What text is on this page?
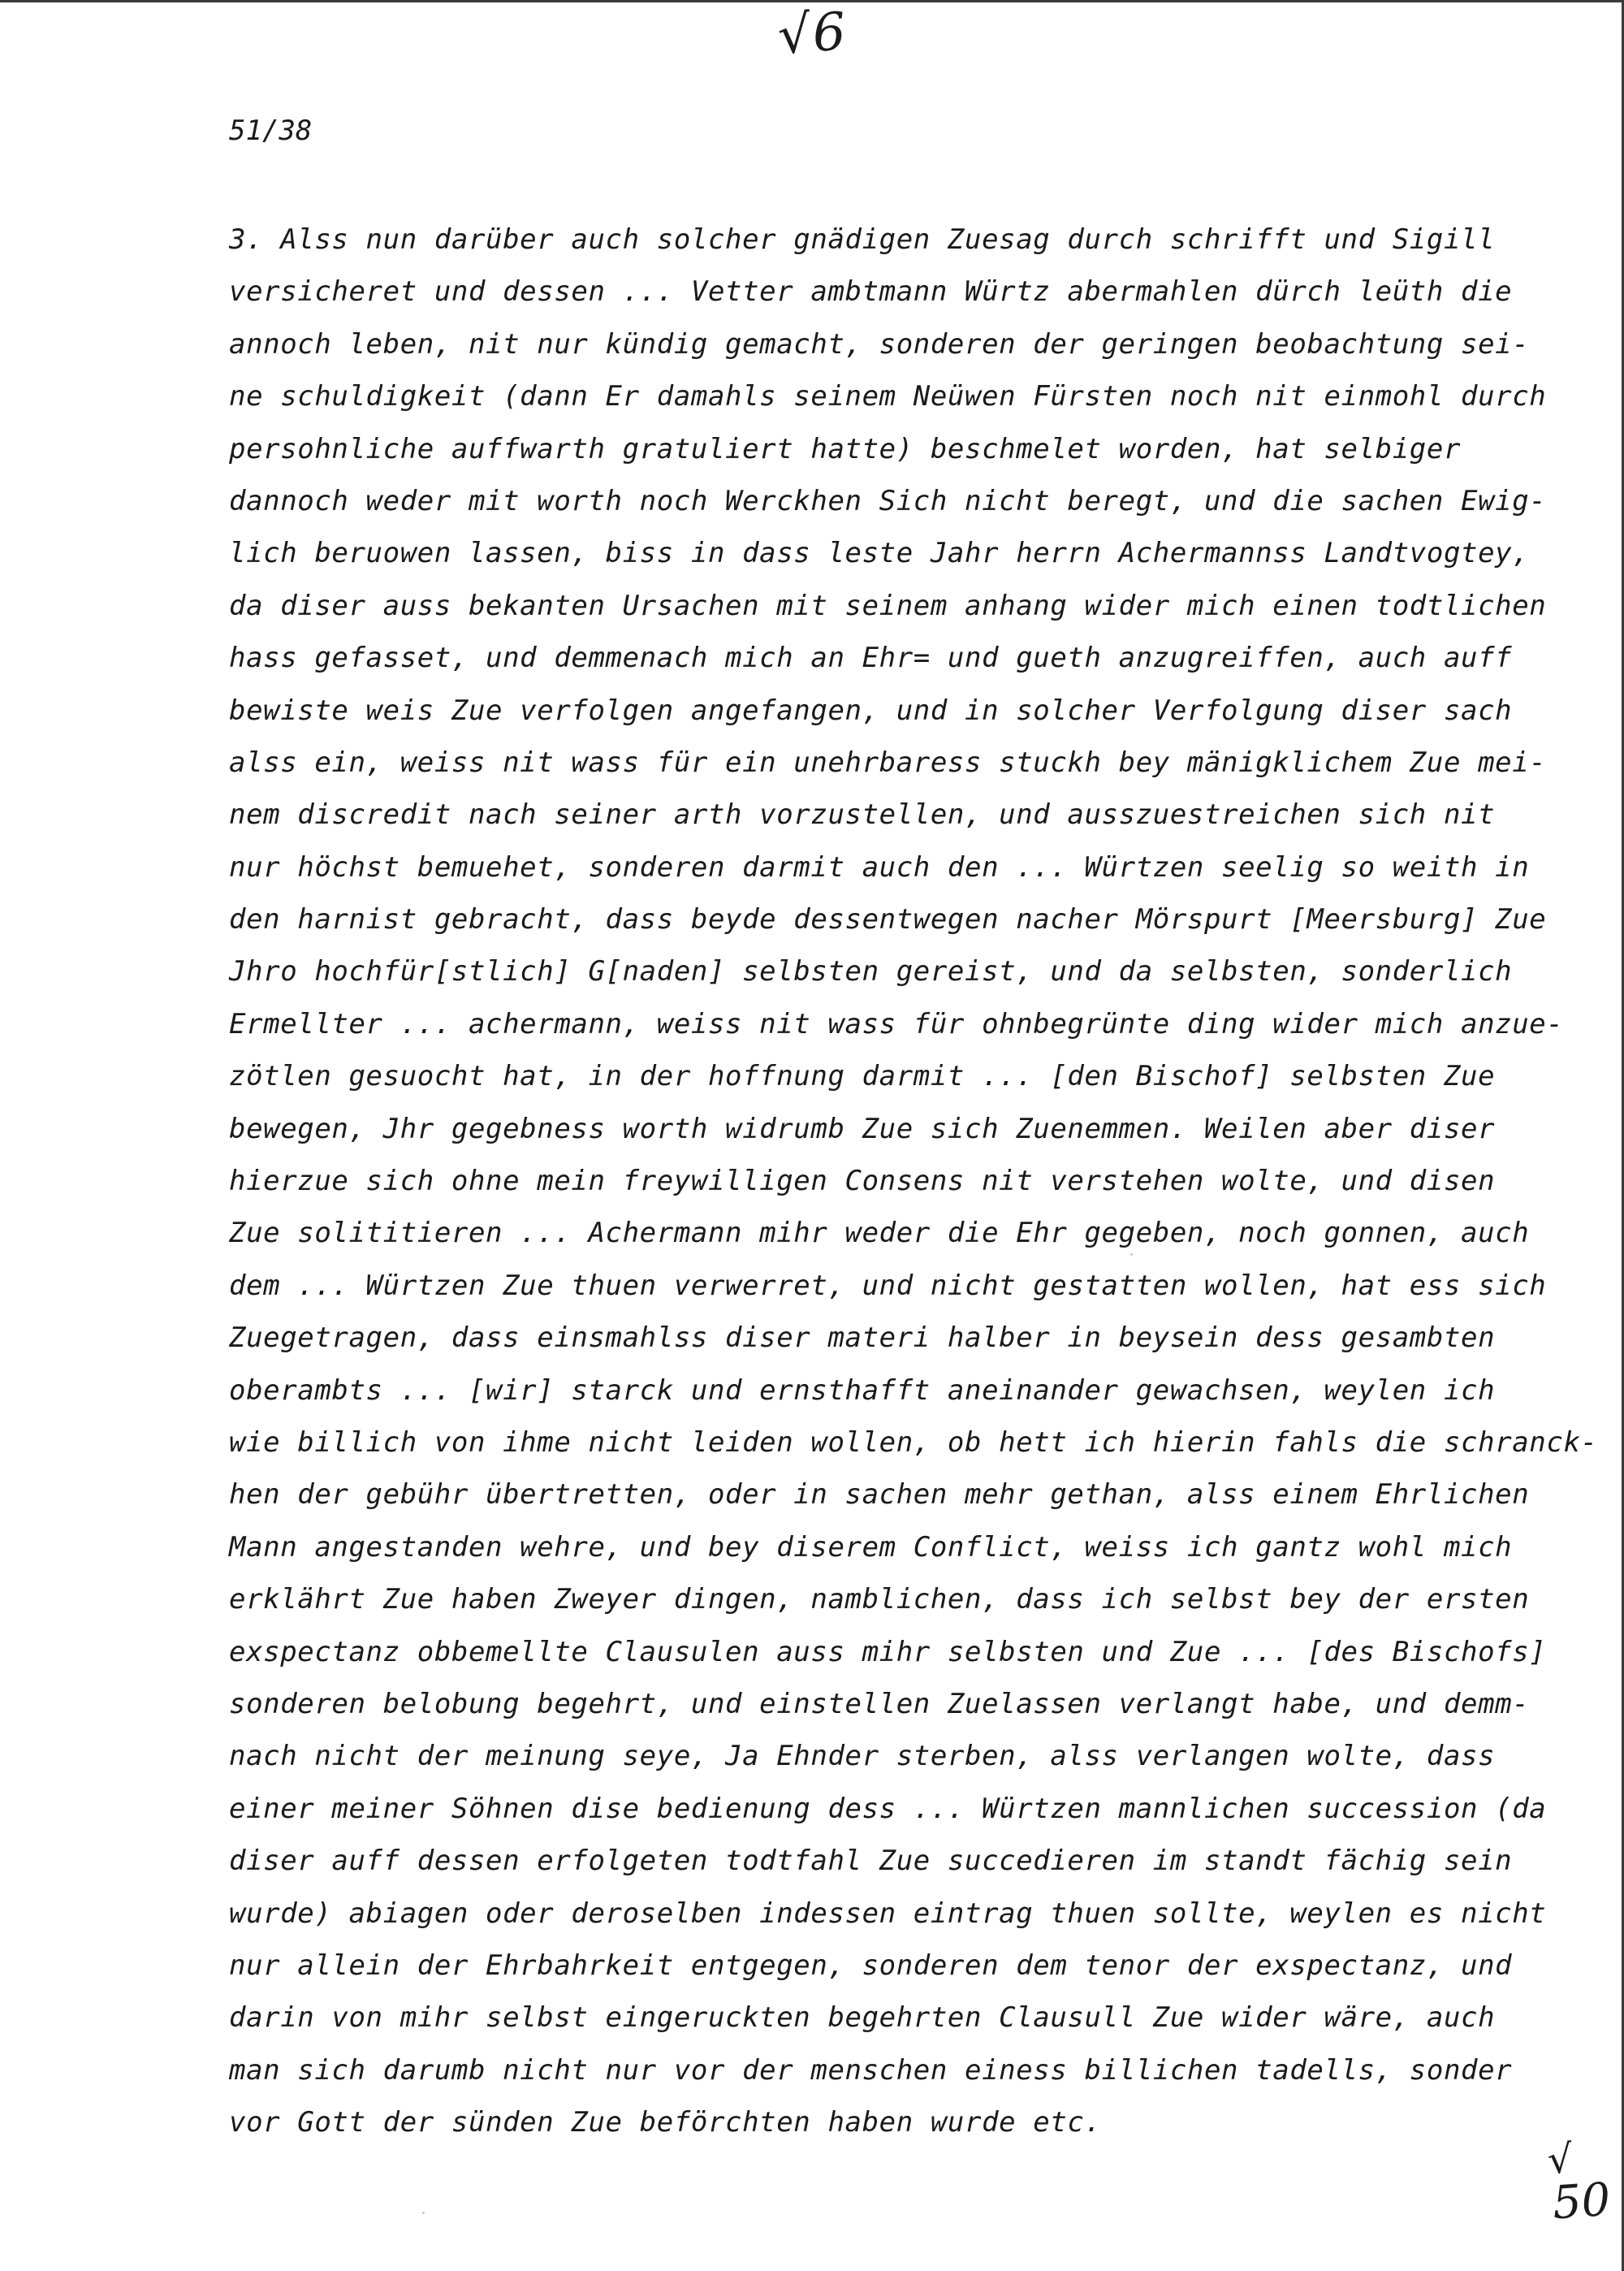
√6
51/38
3. Alss nun darüber auch solcher gnädigen Zuesag durch schrifft und Sigill
versicheret und dessen ... Vetter ambtmann Würtz abermahlen dürch leüth die
annoch leben, nit nur kündig gemacht, sonderen der geringen beobachtung sei-
ne schuldigkeit (dann Er damahls seinem Neüwen Fürsten noch nit einmohl durch
persohnliche auffwarth gratuliert hatte) beschmelet worden, hat selbiger
dannoch weder mit worth noch Werckhen Sich nicht beregt, und die sachen Ewig-
lich beruowen lassen, biss in dass leste Jahr herrn Achermannss Landtvogtey,
da diser auss bekanten Ursachen mit seinem anhang wider mich einen todtlichen
hass gefasset, und demmenach mich an Ehr= und gueth anzugreiffen, auch auff
bewiste weis Zue verfolgen angefangen, und in solcher Verfolgung diser sach
alss ein, weiss nit wass für ein unehrbaress stuckh bey mänigklichem Zue mei-
nem discredit nach seiner arth vorzustellen, und ausszuestreichen sich nit
nur höchst bemuehet, sonderen darmit auch den ... Würtzen seelig so weith in
den harnist gebracht, dass beyde dessentwegen nacher Mörspurt [Meersburg] Zue
Jhro hochfür[stlich] G[naden] selbsten gereist, und da selbsten, sonderlich
Ermellter ... achermann, weiss nit wass für ohnbegrünte ding wider mich anzue-
zötlen gesuocht hat, in der hoffnung darmit ... [den Bischof] selbsten Zue
bewegen, Jhr gegebness worth widrumb Zue sich Zuenemmen. Weilen aber diser
hierzue sich ohne mein freywilligen Consens nit verstehen wolte, und disen
Zue solititieren ... Achermann mihr weder die Ehr gegeben, noch gonnen, auch
dem ... Würtzen Zue thuen verwerret, und nicht gestatten wollen, hat ess sich
Zuegetragen, dass einsmahlss diser materi halber in beysein dess gesambten
oberambts ... [wir] starck und ernsthafft aneinander gewachsen, weylen ich
wie billich von ihme nicht leiden wollen, ob hett ich hierin fahls die schranck-
hen der gebühr übertretten, oder in sachen mehr gethan, alss einem Ehrlichen
Mann angestanden wehre, und bey diserem Conflict, weiss ich gantz wohl mich
erklährt Zue haben Zweyer dingen, namblichen, dass ich selbst bey der ersten
exspectanz obbemellte Clausulen auss mihr selbsten und Zue ... [des Bischofs]
sonderen belobung begehrt, und einstellen Zuelassen verlangt habe, und demm-
nach nicht der meinung seye, Ja Ehnder sterben, alss verlangen wolte, dass
einer meiner Söhnen dise bedienung dess ... Würtzen mannlichen succession (da
diser auff dessen erfolgeten todtfahl Zue succedieren im standt fächig sein
wurde) abiagen oder deroselben indessen eintrag thuen sollte, weylen es nicht
nur allein der Ehrbahrkeit entgegen, sonderen dem tenor der exspectanz, und
darin von mihr selbst eingeruckten begehrten Clausull Zue wider wäre, auch
man sich darumb nicht nur vor der menschen einess billichen tadells, sonder
vor Gott der sünden Zue beförchten haben wurde etc.
√
50
